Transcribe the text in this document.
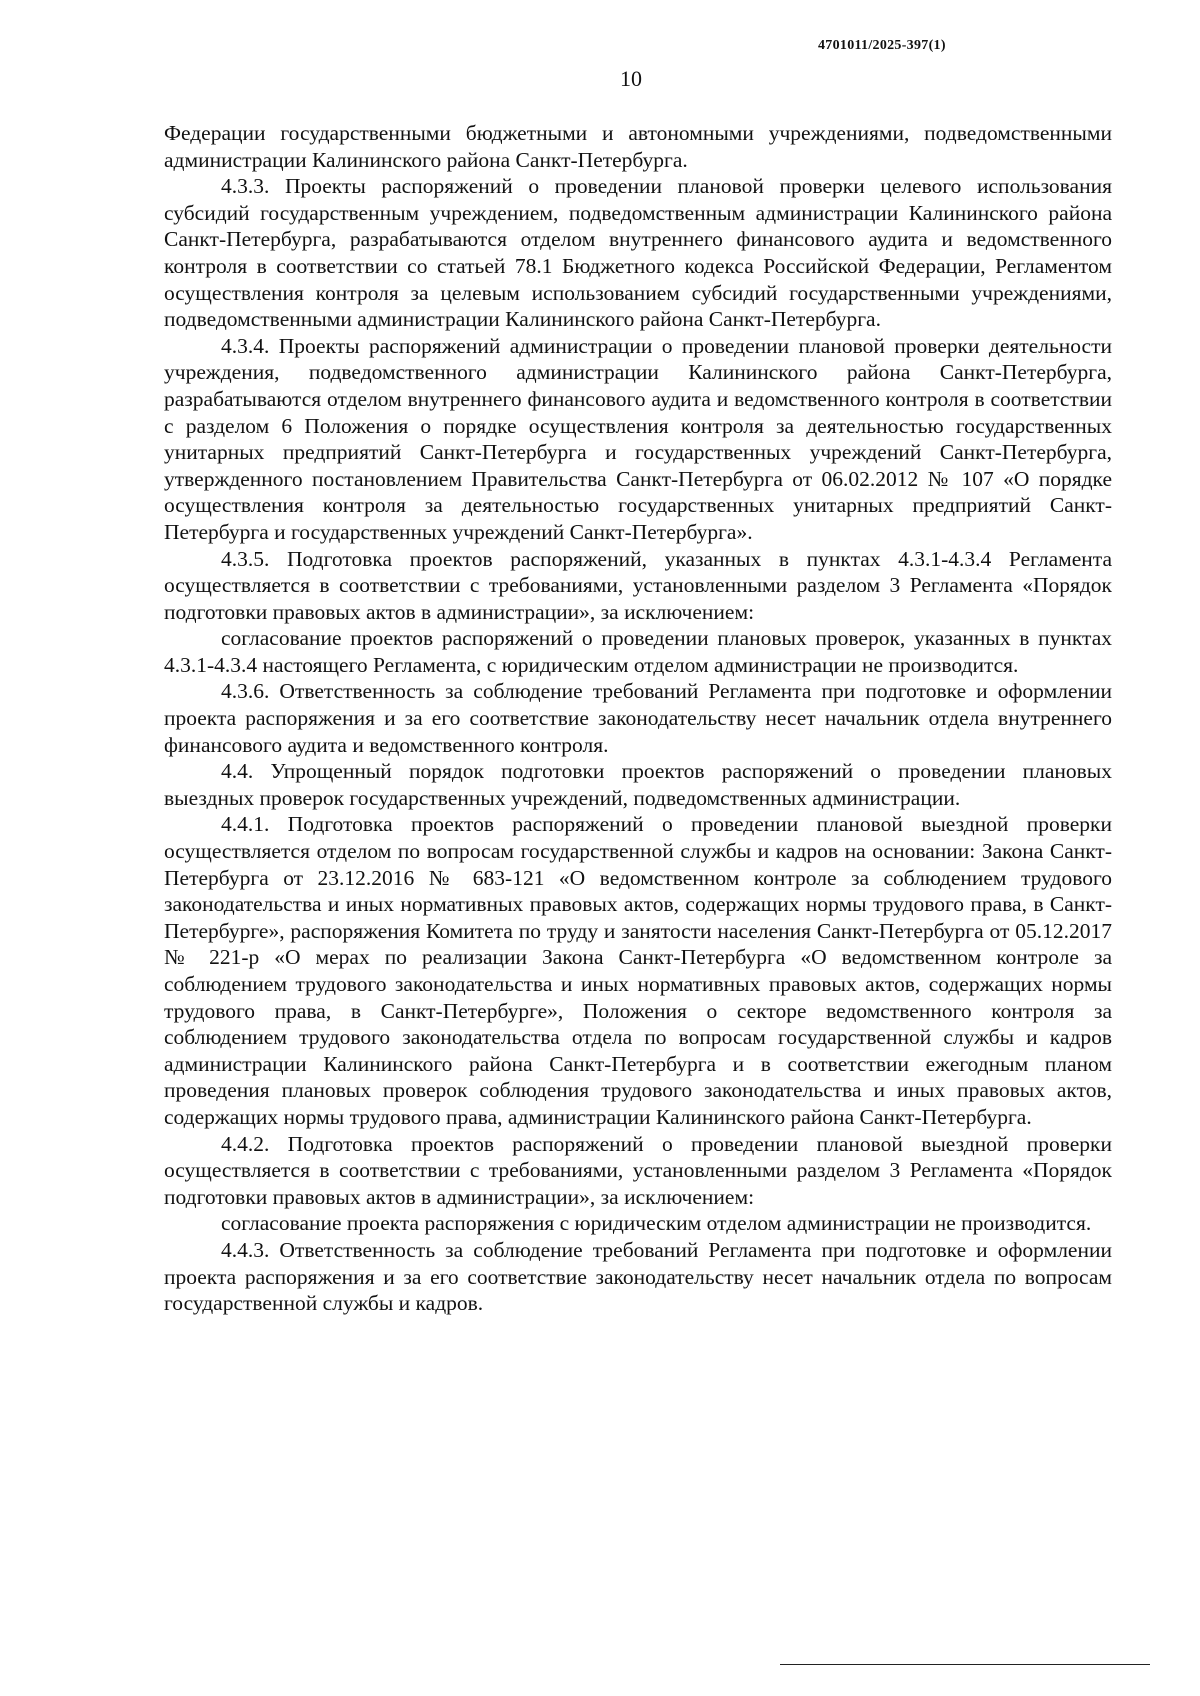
4701011/2025-397(1)
10

Федерации государственными бюджетными и автономными учреждениями, подведомственными администрации Калининского района Санкт-Петербурга.

4.3.3. Проекты распоряжений о проведении плановой проверки целевого использования субсидий государственным учреждением, подведомственным администрации Калининского района Санкт-Петербурга, разрабатываются отделом внутреннего финансового аудита и ведомственного контроля в соответствии со статьей 78.1 Бюджетного кодекса Российской Федерации, Регламентом осуществления контроля за целевым использованием субсидий государственными учреждениями, подведомственными администрации Калининского района Санкт-Петербурга.

4.3.4. Проекты распоряжений администрации о проведении плановой проверки деятельности учреждения, подведомственного администрации Калининского района Санкт-Петербурга, разрабатываются отделом внутреннего финансового аудита и ведомственного контроля в соответствии с разделом 6 Положения о порядке осуществления контроля за деятельностью государственных унитарных предприятий Санкт-Петербурга и государственных учреждений Санкт-Петербурга, утвержденного постановлением Правительства Санкт-Петербурга от 06.02.2012 № 107 «О порядке осуществления контроля за деятельностью государственных унитарных предприятий Санкт-Петербурга и государственных учреждений Санкт-Петербурга».

4.3.5. Подготовка проектов распоряжений, указанных в пунктах 4.3.1-4.3.4 Регламента осуществляется в соответствии с требованиями, установленными разделом 3 Регламента «Порядок подготовки правовых актов в администрации», за исключением:

согласование проектов распоряжений о проведении плановых проверок, указанных в пунктах 4.3.1-4.3.4 настоящего Регламента, с юридическим отделом администрации не производится.

4.3.6. Ответственность за соблюдение требований Регламента при подготовке и оформлении проекта распоряжения и за его соответствие законодательству несет начальник отдела внутреннего финансового аудита и ведомственного контроля.

4.4. Упрощенный порядок подготовки проектов распоряжений о проведении плановых выездных проверок государственных учреждений, подведомственных администрации.

4.4.1. Подготовка проектов распоряжений о проведении плановой выездной проверки осуществляется отделом по вопросам государственной службы и кадров на основании: Закона Санкт-Петербурга от 23.12.2016 № 683-121 «О ведомственном контроле за соблюдением трудового законодательства и иных нормативных правовых актов, содержащих нормы трудового права, в Санкт-Петербурге», распоряжения Комитета по труду и занятости населения Санкт-Петербурга от 05.12.2017 № 221-р «О мерах по реализации Закона Санкт-Петербурга «О ведомственном контроле за соблюдением трудового законодательства и иных нормативных правовых актов, содержащих нормы трудового права, в Санкт-Петербурге», Положения о секторе ведомственного контроля за соблюдением трудового законодательства отдела по вопросам государственной службы и кадров администрации Калининского района Санкт-Петербурга и в соответствии ежегодным планом проведения плановых проверок соблюдения трудового законодательства и иных правовых актов, содержащих нормы трудового права, администрации Калининского района Санкт-Петербурга.

4.4.2. Подготовка проектов распоряжений о проведении плановой выездной проверки осуществляется в соответствии с требованиями, установленными разделом 3 Регламента «Порядок подготовки правовых актов в администрации», за исключением:

согласование проекта распоряжения с юридическим отделом администрации не производится.

4.4.3. Ответственность за соблюдение требований Регламента при подготовке и оформлении проекта распоряжения и за его соответствие законодательству несет начальник отдела по вопросам государственной службы и кадров.
